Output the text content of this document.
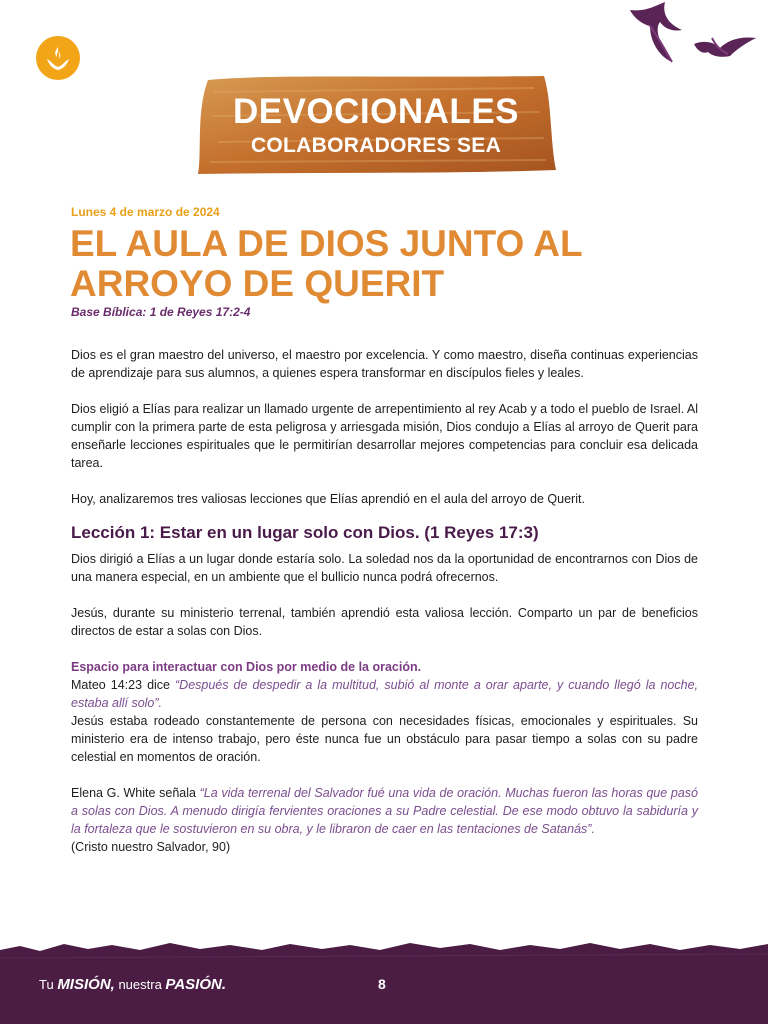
DEVOCIONALES
COLABORADORES SEA
Lunes 4 de marzo de 2024
EL AULA DE DIOS JUNTO AL ARROYO DE QUERIT
Base Bíblica: 1 de Reyes 17:2-4

Dios es el gran maestro del universo, el maestro por excelencia. Y como maestro, diseña continuas experiencias de aprendizaje para sus alumnos, a quienes espera transformar en discípulos fieles y leales.

Dios eligió a Elías para realizar un llamado urgente de arrepentimiento al rey Acab y a todo el pueblo de Israel. Al cumplir con la primera parte de esta peligrosa y arriesgada misión, Dios condujo a Elías al arroyo de Querit para enseñarle lecciones espirituales que le permitirían desarrollar mejores competencias para concluir esa delicada tarea.

Hoy, analizaremos tres valiosas lecciones que Elías aprendió en el aula del arroyo de Querit.

Lección 1: Estar en un lugar solo con Dios. (1 Reyes 17:3)

Dios dirigió a Elías a un lugar donde estaría solo. La soledad nos da la oportunidad de encontrarnos con Dios de una manera especial, en un ambiente que el bullicio nunca podrá ofrecernos.

Jesús, durante su ministerio terrenal, también aprendió esta valiosa lección. Comparto un par de beneficios directos de estar a solas con Dios.

Espacio para interactuar con Dios por medio de la oración.

Mateo 14:23 dice “Después de despedir a la multitud, subió al monte a orar aparte, y cuando llegó la noche, estaba allí solo”.

Jesús estaba rodeado constantemente de persona con necesidades físicas, emocionales y espirituales. Su ministerio era de intenso trabajo, pero éste nunca fue un obstáculo para pasar tiempo a solas con su padre celestial en momentos de oración.

Elena G. White señala “La vida terrenal del Salvador fué una vida de oración. Muchas fueron las horas que pasó a solas con Dios. A menudo dirigía fervientes oraciones a su Padre celestial. De ese modo obtuvo la sabiduría y la fortaleza que le sostuvieron en su obra, y le libraron de caer en las tentaciones de Satanás”.

(Cristo nuestro Salvador, 90)

Tu MISIÓN, nuestra PASIÓN.	8
